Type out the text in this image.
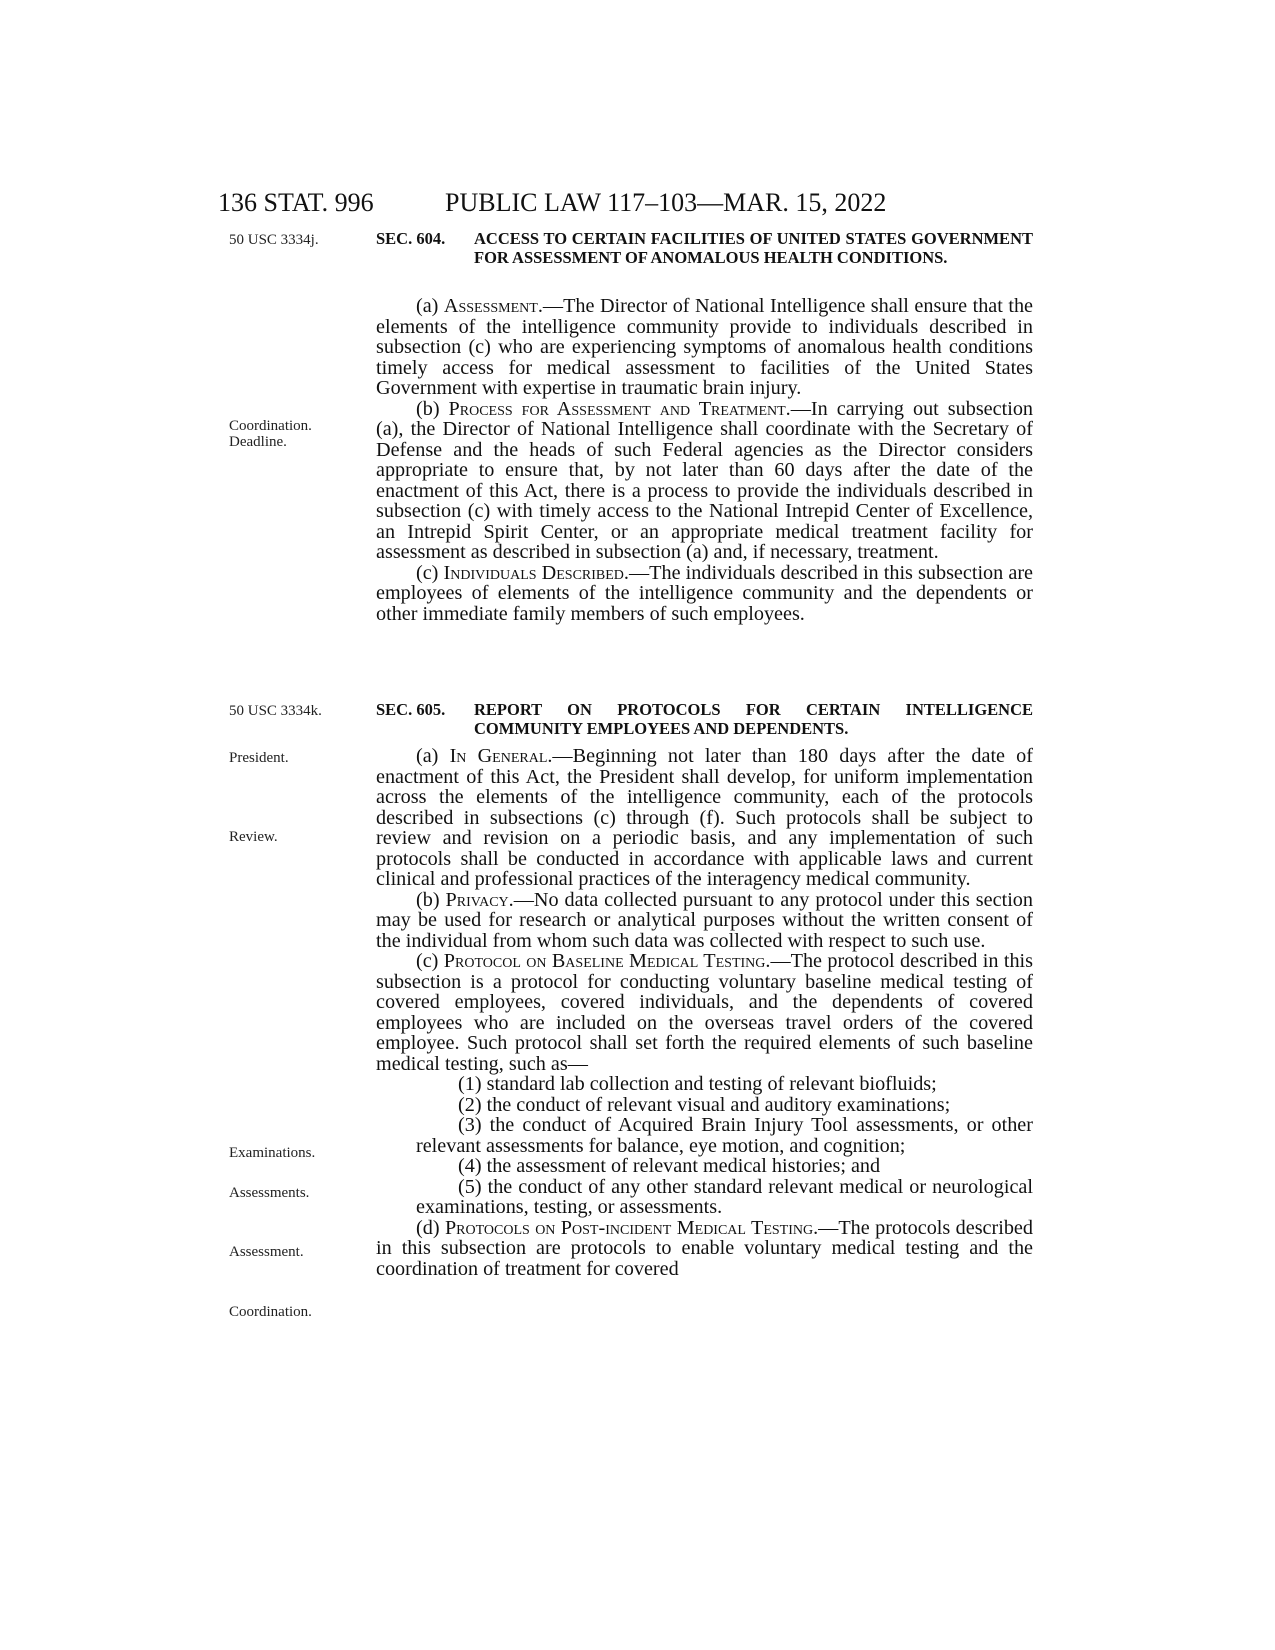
136 STAT. 996	PUBLIC LAW 117–103—MAR. 15, 2022
50 USC 3334j.
Coordination.
Deadline.
50 USC 3334k.
President.
Review.
Examinations.
Assessments.
Assessment.
Coordination.
SEC. 604.	ACCESS TO CERTAIN FACILITIES OF UNITED STATES GOVERNMENT FOR ASSESSMENT OF ANOMALOUS HEALTH CONDITIONS.

(a) Assessment.—The Director of National Intelligence shall ensure that the elements of the intelligence community provide to individuals described in subsection (c) who are experiencing symptoms of anomalous health conditions timely access for medical assessment to facilities of the United States Government with expertise in traumatic brain injury.

(b) Process for Assessment and Treatment.—In carrying out subsection (a), the Director of National Intelligence shall coordinate with the Secretary of Defense and the heads of such Federal agencies as the Director considers appropriate to ensure that, by not later than 60 days after the date of the enactment of this Act, there is a process to provide the individuals described in subsection (c) with timely access to the National Intrepid Center of Excellence, an Intrepid Spirit Center, or an appropriate medical treatment facility for assessment as described in subsection (a) and, if necessary, treatment.

(c) Individuals Described.—The individuals described in this subsection are employees of elements of the intelligence community and the dependents or other immediate family members of such employees.

SEC. 605.	REPORT ON PROTOCOLS FOR CERTAIN INTELLIGENCE COMMUNITY EMPLOYEES AND DEPENDENTS.

(a) In General.—Beginning not later than 180 days after the date of enactment of this Act, the President shall develop, for uniform implementation across the elements of the intelligence community, each of the protocols described in subsections (c) through (f). Such protocols shall be subject to review and revision on a periodic basis, and any implementation of such protocols shall be conducted in accordance with applicable laws and current clinical and professional practices of the interagency medical community.

(b) Privacy.—No data collected pursuant to any protocol under this section may be used for research or analytical purposes without the written consent of the individual from whom such data was collected with respect to such use.

(c) Protocol on Baseline Medical Testing.—The protocol described in this subsection is a protocol for conducting voluntary baseline medical testing of covered employees, covered individuals, and the dependents of covered employees who are included on the overseas travel orders of the covered employee. Such protocol shall set forth the required elements of such baseline medical testing, such as—

(1) standard lab collection and testing of relevant biofluids;

(2) the conduct of relevant visual and auditory examinations;

(3) the conduct of Acquired Brain Injury Tool assessments, or other relevant assessments for balance, eye motion, and cognition;

(4) the assessment of relevant medical histories; and

(5) the conduct of any other standard relevant medical or neurological examinations, testing, or assessments.

(d) Protocols on Post-incident Medical Testing.—The protocols described in this subsection are protocols to enable voluntary medical testing and the coordination of treatment for covered
